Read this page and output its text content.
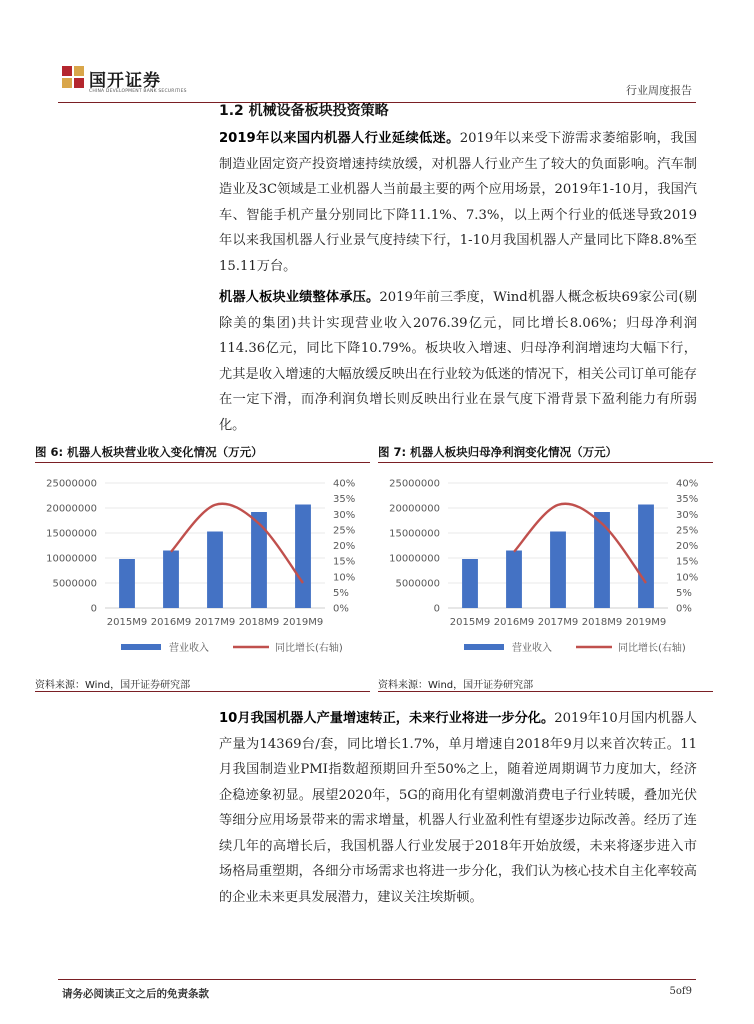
国开证券
CHINA DEVELOPMENT BANK SECURITIES	行业周度报告
1.2 机械设备板块投资策略
2019年以来国内机器人行业延续低迷。2019年以来受下游需求萎缩影响，我国制造业固定资产投资增速持续放缓，对机器人行业产生了较大的负面影响。汽车制造业及3C领域是工业机器人当前最主要的两个应用场景，2019年1-10月，我国汽车、智能手机产量分别同比下降11.1%、7.3%，以上两个行业的低迷导致2019年以来我国机器人行业景气度持续下行，1-10月我国机器人产量同比下降8.8%至15.11万台。
机器人板块业绩整体承压。2019年前三季度，Wind机器人概念板块69家公司(剔除美的集团)共计实现营业收入2076.39亿元，同比增长8.06%；归母净利润114.36亿元，同比下降10.79%。板块收入增速、归母净利润增速均大幅下行，尤其是收入增速的大幅放缓反映出在行业较为低迷的情况下，相关公司订单可能存在一定下滑，而净利润负增长则反映出行业在景气度下滑背景下盈利能力有所弱化。
图 6: 机器人板块营业收入变化情况（万元）	图 7: 机器人板块归母净利润变化情况（万元）
25000000
20000000
15000000
10000000
5000000
0
40%
35%
30%
25%
20%
15%
10%
5%
0%
2015M9 2016M9 2017M9 2018M9 2019M9
营业收入	同比增长(右轴)
25000000
20000000
15000000
10000000
5000000
0
40%
35%
30%
25%
20%
15%
10%
5%
0%
2015M9 2016M9 2017M9 2018M9 2019M9
营业收入	同比增长(右轴)
资料来源：Wind，国开证券研究部	资料来源：Wind，国开证券研究部
10月我国机器人产量增速转正，未来行业将进一步分化。2019年10月国内机器人产量为14369台/套，同比增长1.7%，单月增速自2018年9月以来首次转正。11月我国制造业PMI指数超预期回升至50%之上，随着逆周期调节力度加大，经济企稳迹象初显。展望2020年，5G的商用化有望刺激消费电子行业转暖，叠加光伏等细分应用场景带来的需求增量，机器人行业盈利性有望逐步边际改善。经历了连续几年的高增长后，我国机器人行业发展于2018年开始放缓，未来将逐步进入市场格局重塑期，各细分市场需求也将进一步分化，我们认为核心技术自主化率较高的企业未来更具发展潜力，建议关注埃斯顿。
请务必阅读正文之后的免责条款	5of9
